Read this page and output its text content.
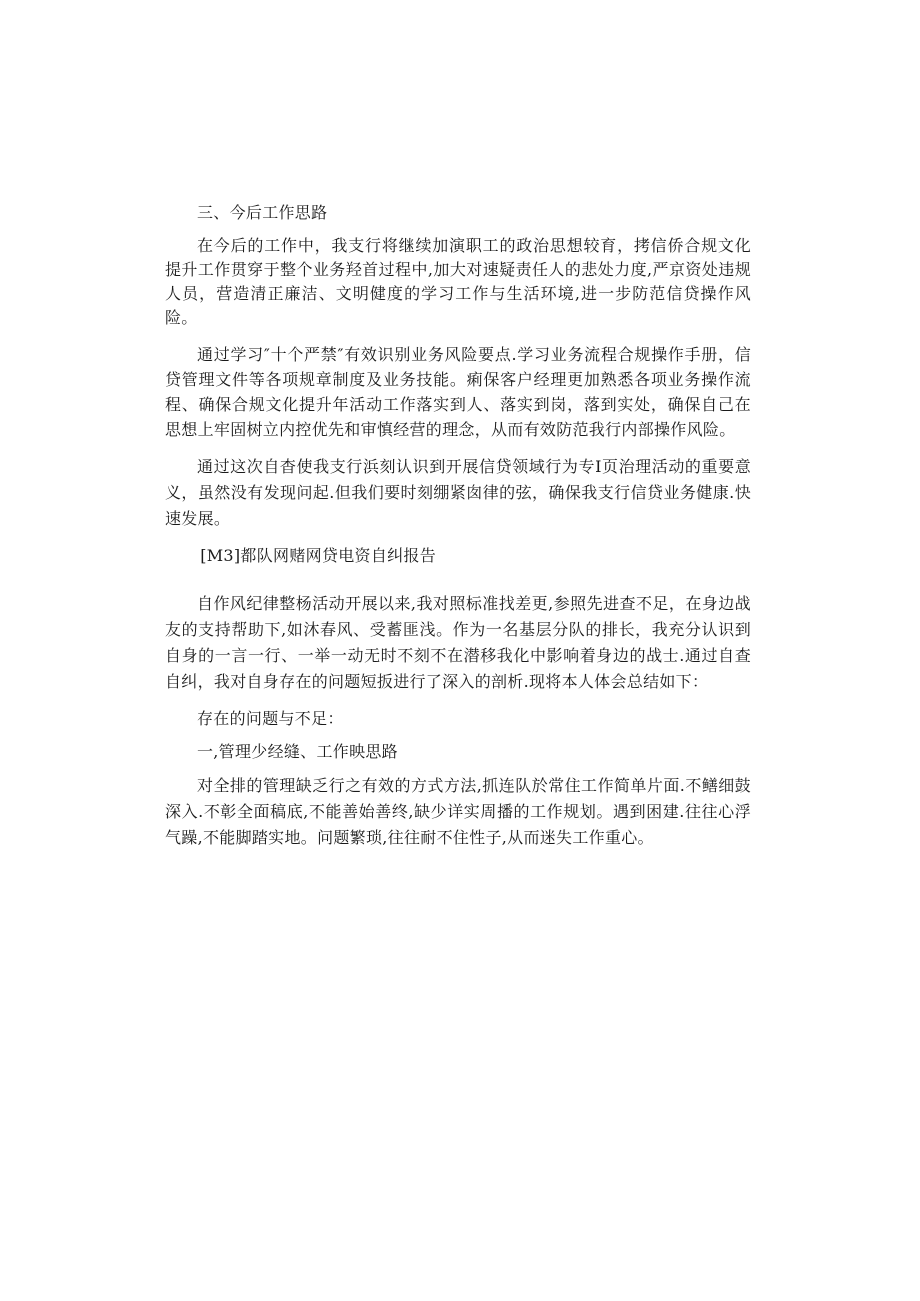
三、今后工作思路

在今后的工作中，我支行将继续加演职工的政治思想较育，拷信侨合规文化提升工作贯穿于整个业务羟首过程中,加大对速疑责任人的悲处力度,严京资处违规人员，营造清正廉洁、文明健度的学习工作与生活环境,进一步防范信贷操作风险。

通过学习″十个严禁″有效识别业务风险要点.学习业务流程合规操作手册，信贷管理文件等各项规章制度及业务技能。痢保客户经理更加熟悉各项业务操作流程、确保合规文化提升年活动工作落实到人、落实到岗，落到实处，确保自己在思想上牢固树立内控优先和审慎经营的理念，从而有效防范我行内部操作风险。

通过这次自杳使我支行浜刻认识到开展信贷领域行为专I页治理活动的重要意义，虽然没有发现问起.但我们要时刻绷紧囱律的弦，确保我支行信贷业务健康.快速发展。

[M3]都队网赌网贷电资自纠报告

自作风纪律整杨活动开展以来,我对照标准找差更,参照先进查不足，在身边战友的支持帮助下,如沐春风、受蓄匪浅。作为一名基层分队的排长，我充分认识到自身的一言一行、一举一动无时不刻不在潜移我化中影响着身边的战士.通过自查自纠，我对自身存在的问题短扳进行了深入的剖析.现将本人体会总结如下：

存在的问题与不足：

一,管理少经缝、工作映思路

对全排的管理缺乏行之有效的方式方法,抓连队於常住工作简单片面.不鳝细鼓深入.不彰全面稿底,不能善始善终,缺少详实周播的工作规划。遇到困建.往往心浮气躁,不能脚踏实地。问题繁琐,往往耐不住性子,从而迷失工作重心。
